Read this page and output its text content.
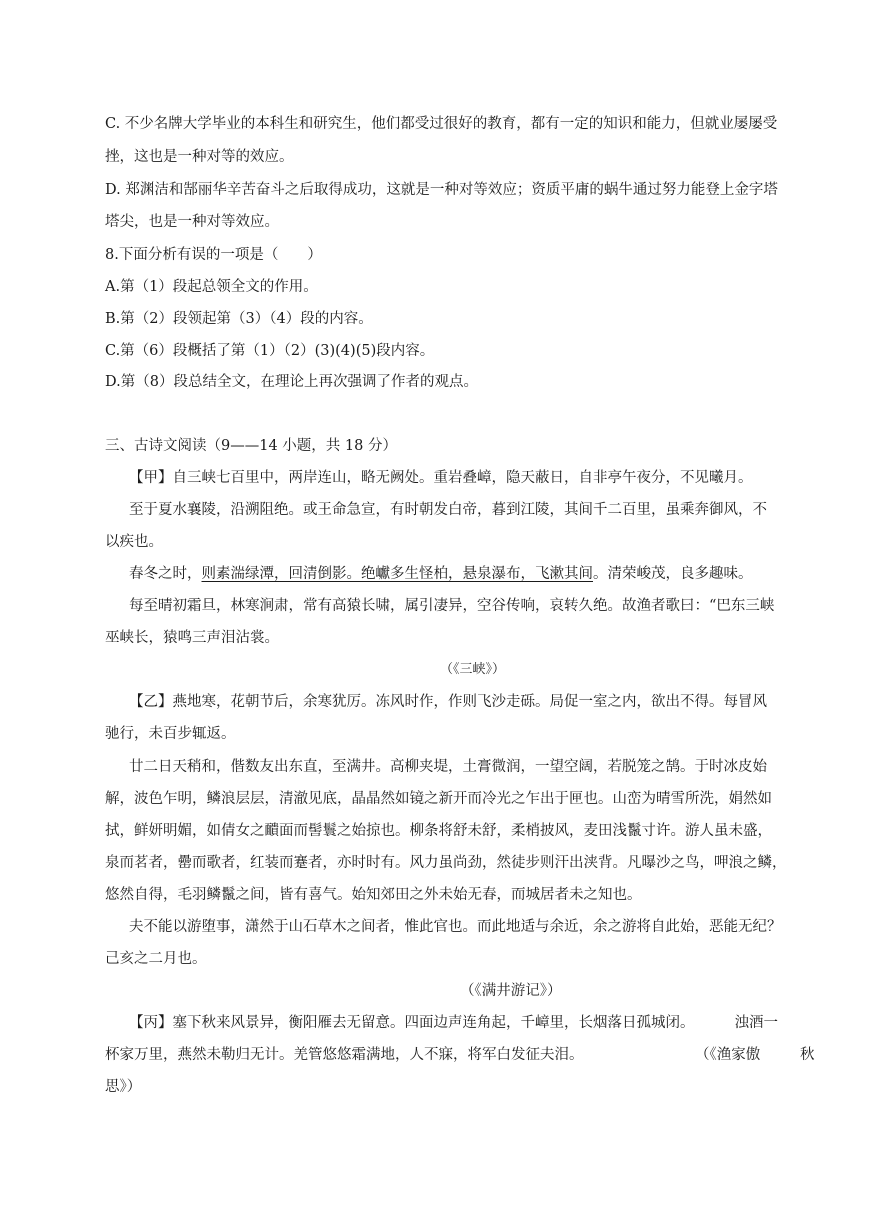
C. 不少名牌大学毕业的本科生和研究生，他们都受过很好的教育，都有一定的知识和能力，但就业屡屡受
挫，这也是一种对等的效应。
D. 郑渊洁和郜丽华辛苦奋斗之后取得成功，这就是一种对等效应；资质平庸的蜗牛通过努力能登上金字塔
塔尖，也是一种对等效应。
8.下面分析有误的一项是（　　）
A.第（1）段起总领全文的作用。
B.第（2）段领起第（3）（4）段的内容。
C.第（6）段概括了第（1）（2）(3)(4)(5)段内容。
D.第（8）段总结全文，在理论上再次强调了作者的观点。
三、古诗文阅读（9——14 小题，共 18 分）
【甲】自三峡七百里中，两岸连山，略无阙处。重岩叠嶂，隐天蔽日，自非亭午夜分，不见曦月。
至于夏水襄陵，沿溯阻绝。或王命急宣，有时朝发白帝，暮到江陵，其间千二百里，虽乘奔御风，不
以疾也。
春冬之时，则素湍绿潭，回清倒影。绝巘多生怪柏，悬泉瀑布，飞漱其间。清荣峻茂，良多趣味。
每至晴初霜旦，林寒涧肃，常有高猿长啸，属引凄异，空谷传响，哀转久绝。故渔者歌曰：“巴东三峡
巫峡长，猿鸣三声泪沾裳。
（《三峡》）
【乙】燕地寒，花朝节后，余寒犹厉。冻风时作，作则飞沙走砾。局促一室之内，欲出不得。每冒风
驰行，未百步辄返。
廿二日天稍和，偕数友出东直，至满井。高柳夹堤，土膏微润，一望空阔，若脱笼之鹄。于时冰皮始
解，波色乍明，鳞浪层层，清澈见底，晶晶然如镜之新开而冷光之乍出于匣也。山峦为晴雪所洗，娟然如
拭，鲜妍明媚，如倩女之靧面而髻鬟之始掠也。柳条将舒未舒，柔梢披风，麦田浅鬣寸许。游人虽未盛，
泉而茗者，罍而歌者，红装而蹇者，亦时时有。风力虽尚劲，然徒步则汗出浃背。凡曝沙之鸟，呷浪之鳞，
悠然自得，毛羽鳞鬣之间，皆有喜气。始知郊田之外未始无春，而城居者未之知也。
夫不能以游堕事，潇然于山石草木之间者，惟此官也。而此地适与余近，余之游将自此始，恶能无纪？
己亥之二月也。
（《满井游记》）
【丙】塞下秋来风景异，衡阳雁去无留意。四面边声连角起，千嶂里，长烟落日孤城闭。	浊酒一
杯家万里，燕然未勒归无计。羌管悠悠霜满地，人不寐，将军白发征夫泪。	（《渔家傲	秋
思》）
